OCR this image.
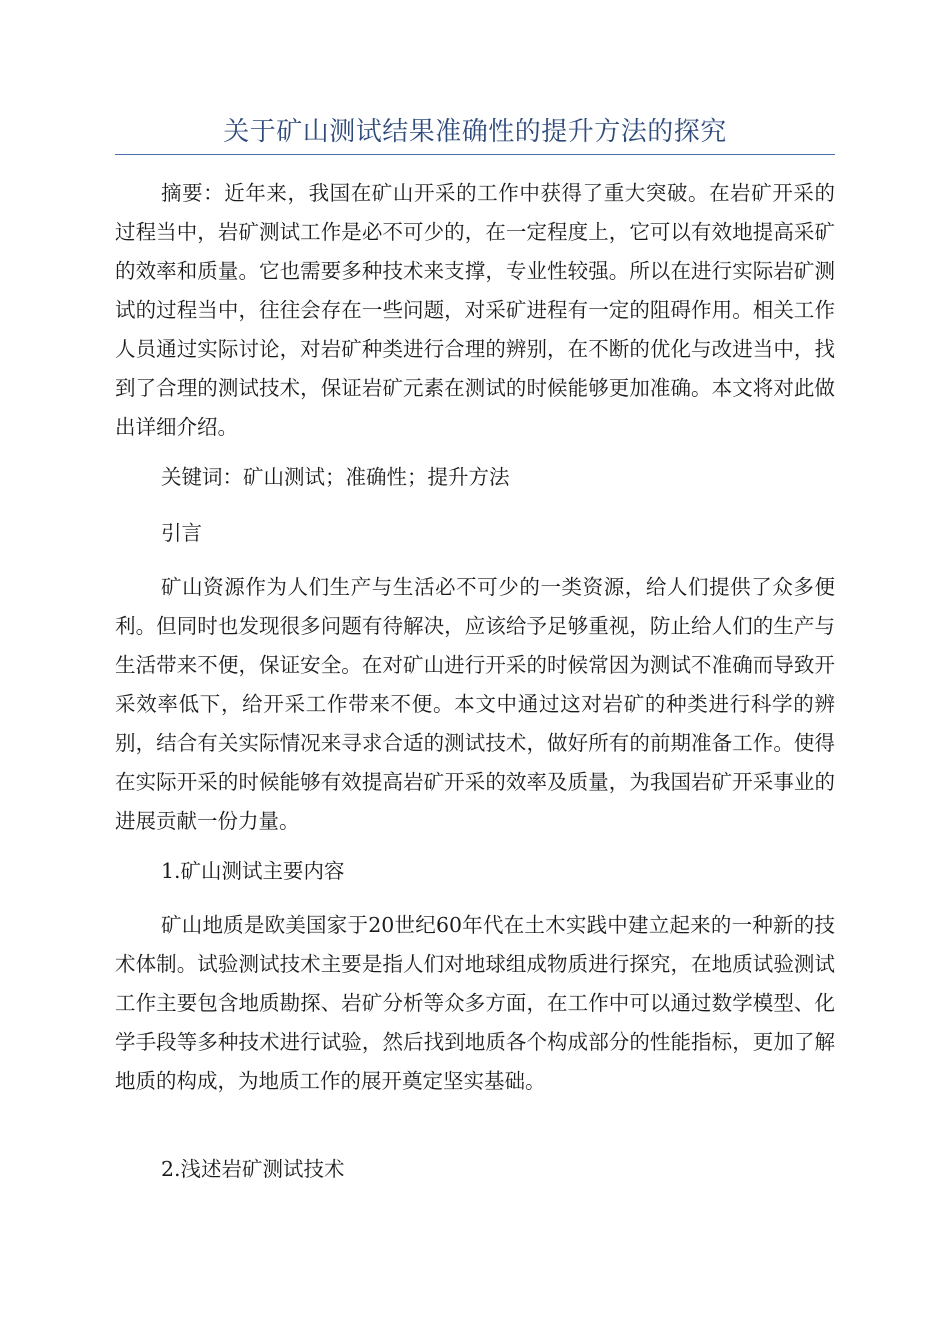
关于矿山测试结果准确性的提升方法的探究

摘要：近年来，我国在矿山开采的工作中获得了重大突破。在岩矿开采的过程当中，岩矿测试工作是必不可少的，在一定程度上，它可以有效地提高采矿的效率和质量。它也需要多种技术来支撑，专业性较强。所以在进行实际岩矿测试的过程当中，往往会存在一些问题，对采矿进程有一定的阻碍作用。相关工作人员通过实际讨论，对岩矿种类进行合理的辨别，在不断的优化与改进当中，找到了合理的测试技术，保证岩矿元素在测试的时候能够更加准确。本文将对此做出详细介绍。

关键词：矿山测试；准确性；提升方法

引言

矿山资源作为人们生产与生活必不可少的一类资源，给人们提供了众多便利。但同时也发现很多问题有待解决，应该给予足够重视，防止给人们的生产与生活带来不便，保证安全。在对矿山进行开采的时候常因为测试不准确而导致开采效率低下，给开采工作带来不便。本文中通过这对岩矿的种类进行科学的辨别，结合有关实际情况来寻求合适的测试技术，做好所有的前期准备工作。使得在实际开采的时候能够有效提高岩矿开采的效率及质量，为我国岩矿开采事业的进展贡献一份力量。

1.矿山测试主要内容

矿山地质是欧美国家于20世纪60年代在土木实践中建立起来的一种新的技术体制。试验测试技术主要是指人们对地球组成物质进行探究，在地质试验测试工作主要包含地质勘探、岩矿分析等众多方面，在工作中可以通过数学模型、化学手段等多种技术进行试验，然后找到地质各个构成部分的性能指标，更加了解地质的构成，为地质工作的展开奠定坚实基础。

2.浅述岩矿测试技术
